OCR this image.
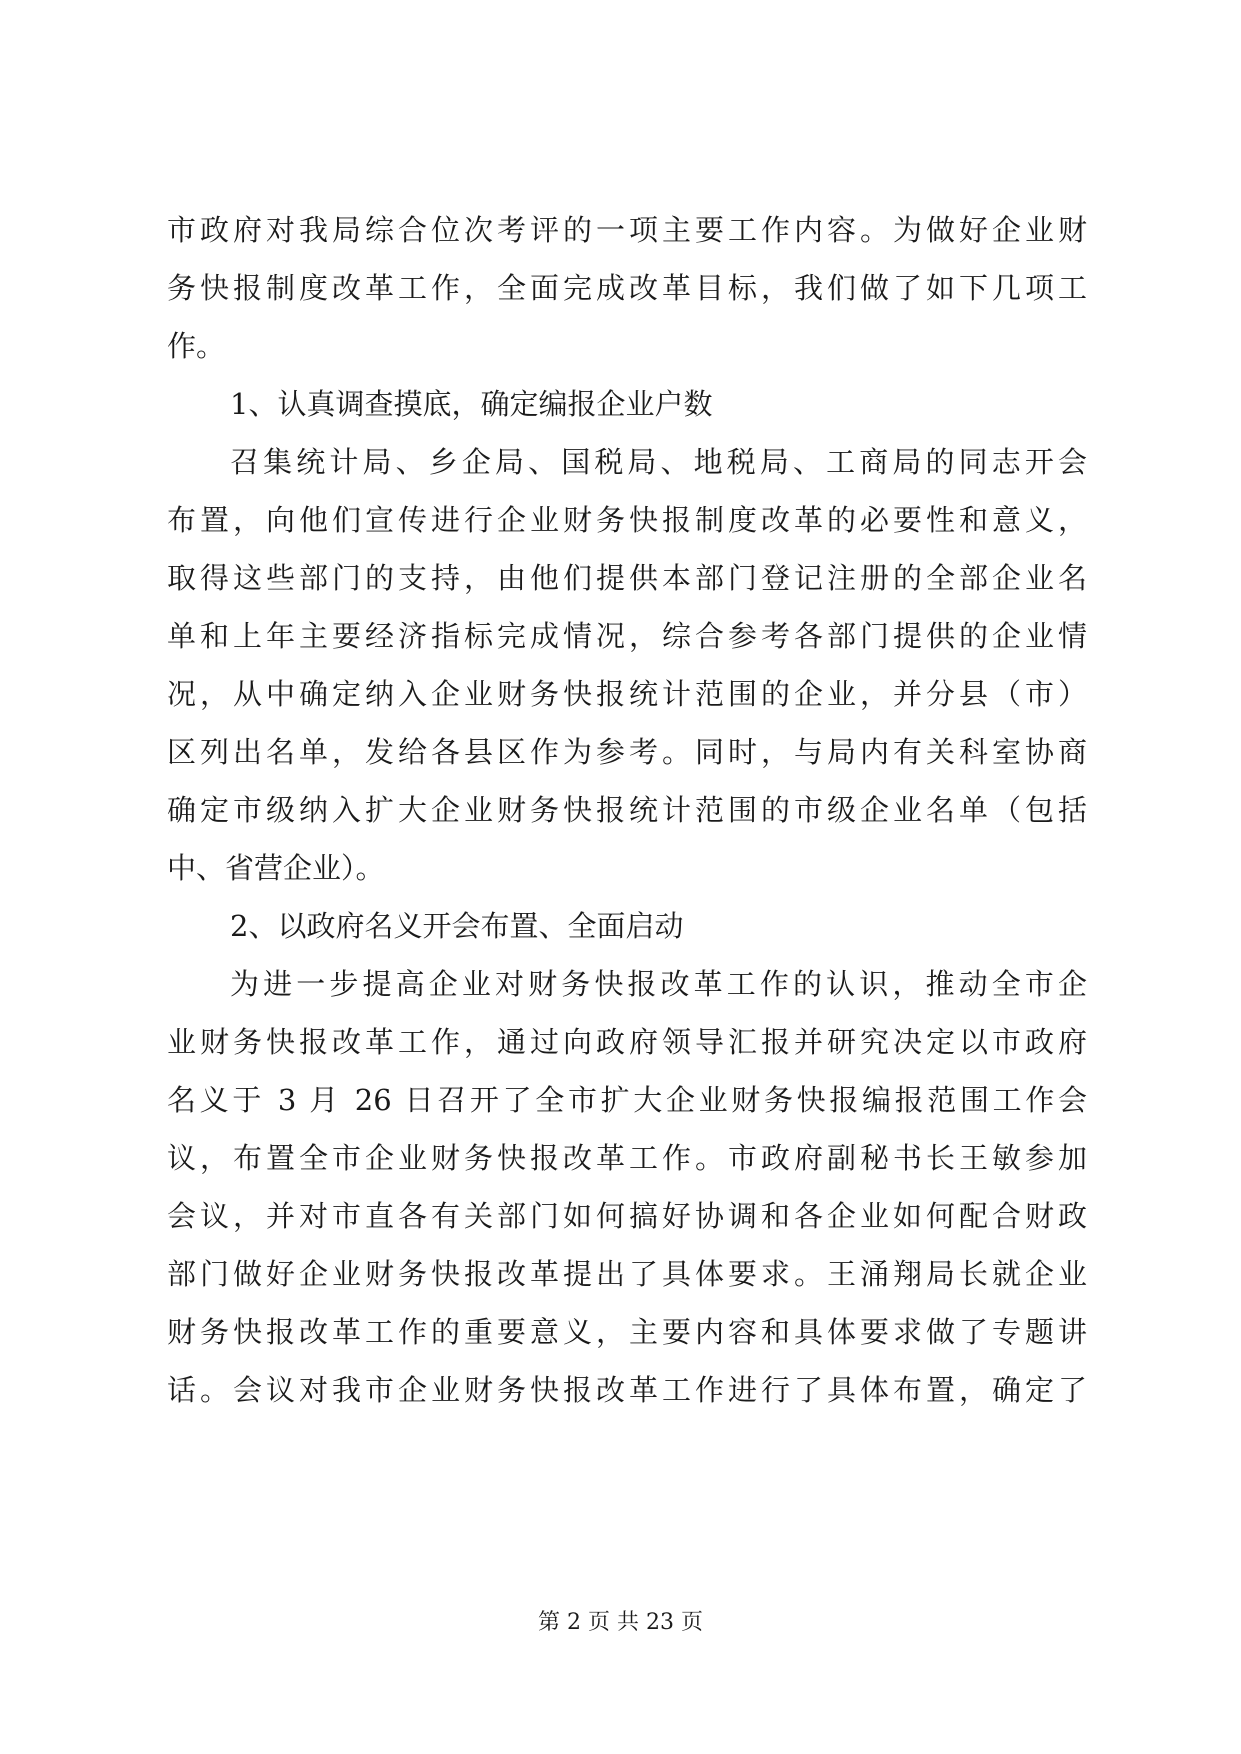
市政府对我局综合位次考评的一项主要工作内容。为做好企业财
务快报制度改革工作，全面完成改革目标，我们做了如下几项工
作。
1、认真调查摸底，确定编报企业户数
召集统计局、乡企局、国税局、地税局、工商局的同志开会
布置，向他们宣传进行企业财务快报制度改革的必要性和意义，
取得这些部门的支持，由他们提供本部门登记注册的全部企业名
单和上年主要经济指标完成情况，综合参考各部门提供的企业情
况，从中确定纳入企业财务快报统计范围的企业，并分县（市）
区列出名单，发给各县区作为参考。同时，与局内有关科室协商
确定市级纳入扩大企业财务快报统计范围的市级企业名单（包括
中、省营企业）。
2、以政府名义开会布置、全面启动
为进一步提高企业对财务快报改革工作的认识，推动全市企
业财务快报改革工作，通过向政府领导汇报并研究决定以市政府
名义于 3 月 26 日召开了全市扩大企业财务快报编报范围工作会
议，布置全市企业财务快报改革工作。市政府副秘书长王敏参加
会议，并对市直各有关部门如何搞好协调和各企业如何配合财政
部门做好企业财务快报改革提出了具体要求。王涌翔局长就企业
财务快报改革工作的重要意义，主要内容和具体要求做了专题讲
话。会议对我市企业财务快报改革工作进行了具体布置，确定了
第 2 页 共 23 页
